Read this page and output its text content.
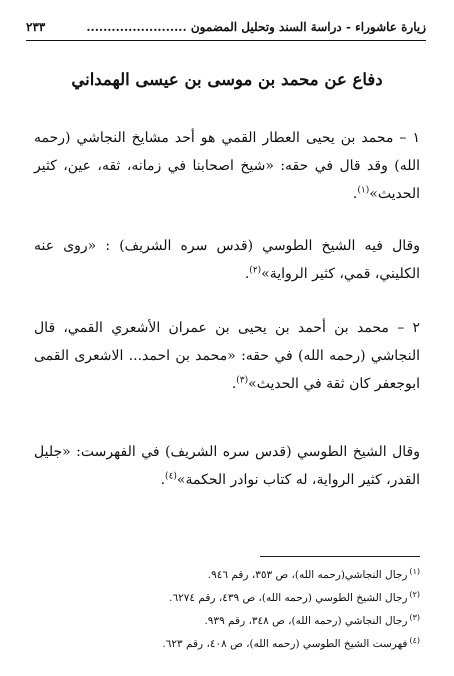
زيارة عاشوراء - دراسة السند وتحليل المضمون ........................
٢٣٣
دفاع عن محمد بن موسى بن عيسى الهمداني

١ – محمد بن يحيى العطار القمي هو أحد مشايخ النجاشي (رحمه الله) وقد قال في حقه: «شيخ اصحابنا في زمانه، ثقه، عين، كثير الحديث»$^{(١)}$.

وقال فيه الشيخ الطوسي (قدس سره الشريف) : «روى عنه الكليني، قمي، كثير الرواية»$^{(٢)}$.

٢ – محمد بن أحمد بن يحيى بن عمران الأشعري القمي، قال النجاشي (رحمه الله) في حقه: «محمد بن احمد... الاشعرى القمى ابوجعفر كان ثقة في الحديث»$^{(٣)}$.

وقال الشيخ الطوسي (قدس سره الشريف) في الفهرست: «جليل القدر، كثير الرواية، له كتاب نوادر الحكمة»$^{(٤)}$.

$^{(١)}$رجال النجاشي(رحمه الله)، ص ٣٥٣، رقم ٩٤٦.
$^{(٢)}$رجال الشيخ الطوسي (رحمه الله)، ص ٤٣٩، رقم ٦٢٧٤.
$^{(٣)}$رجال النجاشي (رحمه الله)، ص ٣٤٨، رقم ٩٣٩.
$^{(٤)}$فهرست الشيخ الطوسي (رحمه الله)، ص ٤٠٨، رقم ٦٢٣.
